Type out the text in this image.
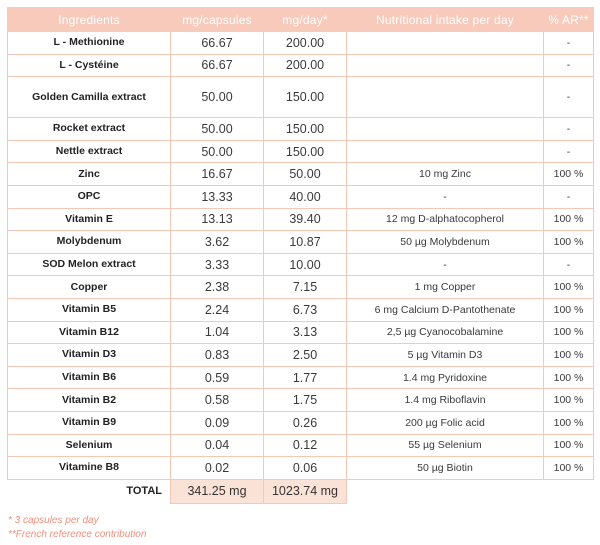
Ingredients	mg/capsules	mg/day*	Nutritional intake per day	% AR**
L - Methionine	66.67	200.00		-
L - Cystéine	66.67	200.00		-
Golden Camilla extract	50.00	150.00		-
Rocket extract	50.00	150.00		-
Nettle extract	50.00	150.00		-
Zinc	16.67	50.00	10 mg Zinc	100 %
OPC	13.33	40.00	-	-
Vitamin E	13.13	39.40	12 mg D-alphatocopherol	100 %
Molybdenum	3.62	10.87	50 µg Molybdenum	100 %
SOD Melon extract	3.33	10.00	-	-
Copper	2.38	7.15	1 mg Copper	100 %
Vitamin B5	2.24	6.73	6 mg Calcium D-Pantothenate	100 %
Vitamin B12	1.04	3.13	2,5 µg Cyanocobalamine	100 %
Vitamin D3	0.83	2.50	5 µg Vitamin D3	100 %
Vitamin B6	0.59	1.77	1.4 mg Pyridoxine	100 %
Vitamin B2	0.58	1.75	1.4 mg Riboflavin	100 %
Vitamin B9	0.09	0.26	200 µg Folic acid	100 %
Selenium	0.04	0.12	55 µg Selenium	100 %
Vitamine B8	0.02	0.06	50 µg Biotin	100 %
TOTAL	341.25 mg	1023.74 mg		
* 3 capsules per day
**French reference contribution
